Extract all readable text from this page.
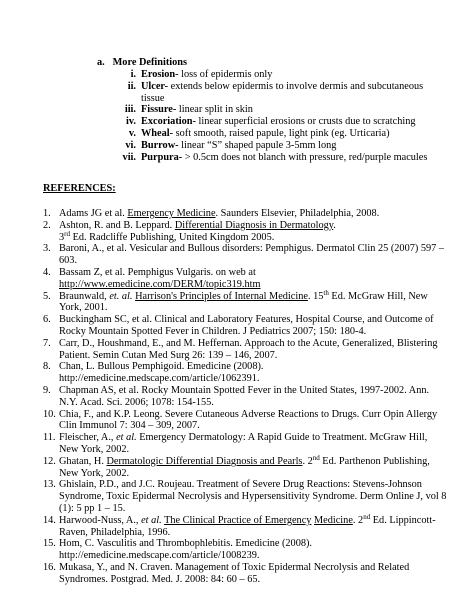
a. More Definitions
i. Erosion- loss of epidermis only
ii. Ulcer- extends below epidermis to involve dermis and subcutaneous tissue
iii. Fissure- linear split in skin
iv. Excoriation- linear superficial erosions or crusts due to scratching
v. Wheal- soft smooth, raised papule, light pink (eg. Urticaria)
vi. Burrow- linear “S” shaped papule 3-5mm long
vii. Purpura- > 0.5cm does not blanch with pressure, red/purple macules
REFERENCES:
1. Adams JG et al. Emergency Medicine. Saunders Elsevier, Philadelphia, 2008.
2. Ashton, R. and B. Leppard. Differential Diagnosis in Dermatology.
3rd Ed. Radcliffe Publishing, United Kingdom 2005.
3. Baroni, A., et al. Vesicular and Bullous disorders: Pemphigus. Dermatol Clin 25 (2007) 597 – 603.
4. Bassam Z, et al. Pemphigus Vulgaris. on web at
http://www.emedicine.com/DERM/topic319.htm
5. Braunwald, et. al. Harrison's Principles of Internal Medicine. 15th Ed. McGraw Hill, New York, 2001.
6. Buckingham SC, et al. Clinical and Laboratory Features, Hospital Course, and Outcome of Rocky Mountain Spotted Fever in Children. J Pediatrics 2007; 150: 180-4.
7. Carr, D., Houshmand, E., and M. Heffernan. Approach to the Acute, Generalized, Blistering Patient. Semin Cutan Med Surg 26: 139 – 146, 2007.
8. Chan, L. Bullous Pemphigoid. Emedicine (2008). http://emedicine.medscape.com/article/1062391.
9. Chapman AS, et al. Rocky Mountain Spotted Fever in the United States, 1997-2002. Ann. N.Y. Acad. Sci. 2006; 1078: 154-155.
10. Chia, F., and K.P. Leong. Severe Cutaneous Adverse Reactions to Drugs. Curr Opin Allergy Clin Immunol 7: 304 – 309, 2007.
11. Fleischer, A., et al. Emergency Dermatology: A Rapid Guide to Treatment. McGraw Hill, New York, 2002.
12. Ghatan, H. Dermatologic Differential Diagnosis and Pearls. 2nd Ed. Parthenon Publishing, New York, 2002.
13. Ghislain, P.D., and J.C. Roujeau. Treatment of Severe Drug Reactions: Stevens-Johnson Syndrome, Toxic Epidermal Necrolysis and Hypersensitivity Syndrome. Derm Online J, vol 8 (1): 5 pp 1 – 15.
14. Harwood-Nuss, A., et al. The Clinical Practice of Emergency Medicine. 2nd Ed. Lippincott-Raven, Philadelphia, 1996.
15. Hom, C. Vasculitis and Thrombophlebitis. Emedicine (2008). http://emedicine.medscape.com/article/1008239.
16. Mukasa, Y., and N. Craven. Management of Toxic Epidermal Necrolysis and Related Syndromes. Postgrad. Med. J. 2008: 84: 60 – 65.
